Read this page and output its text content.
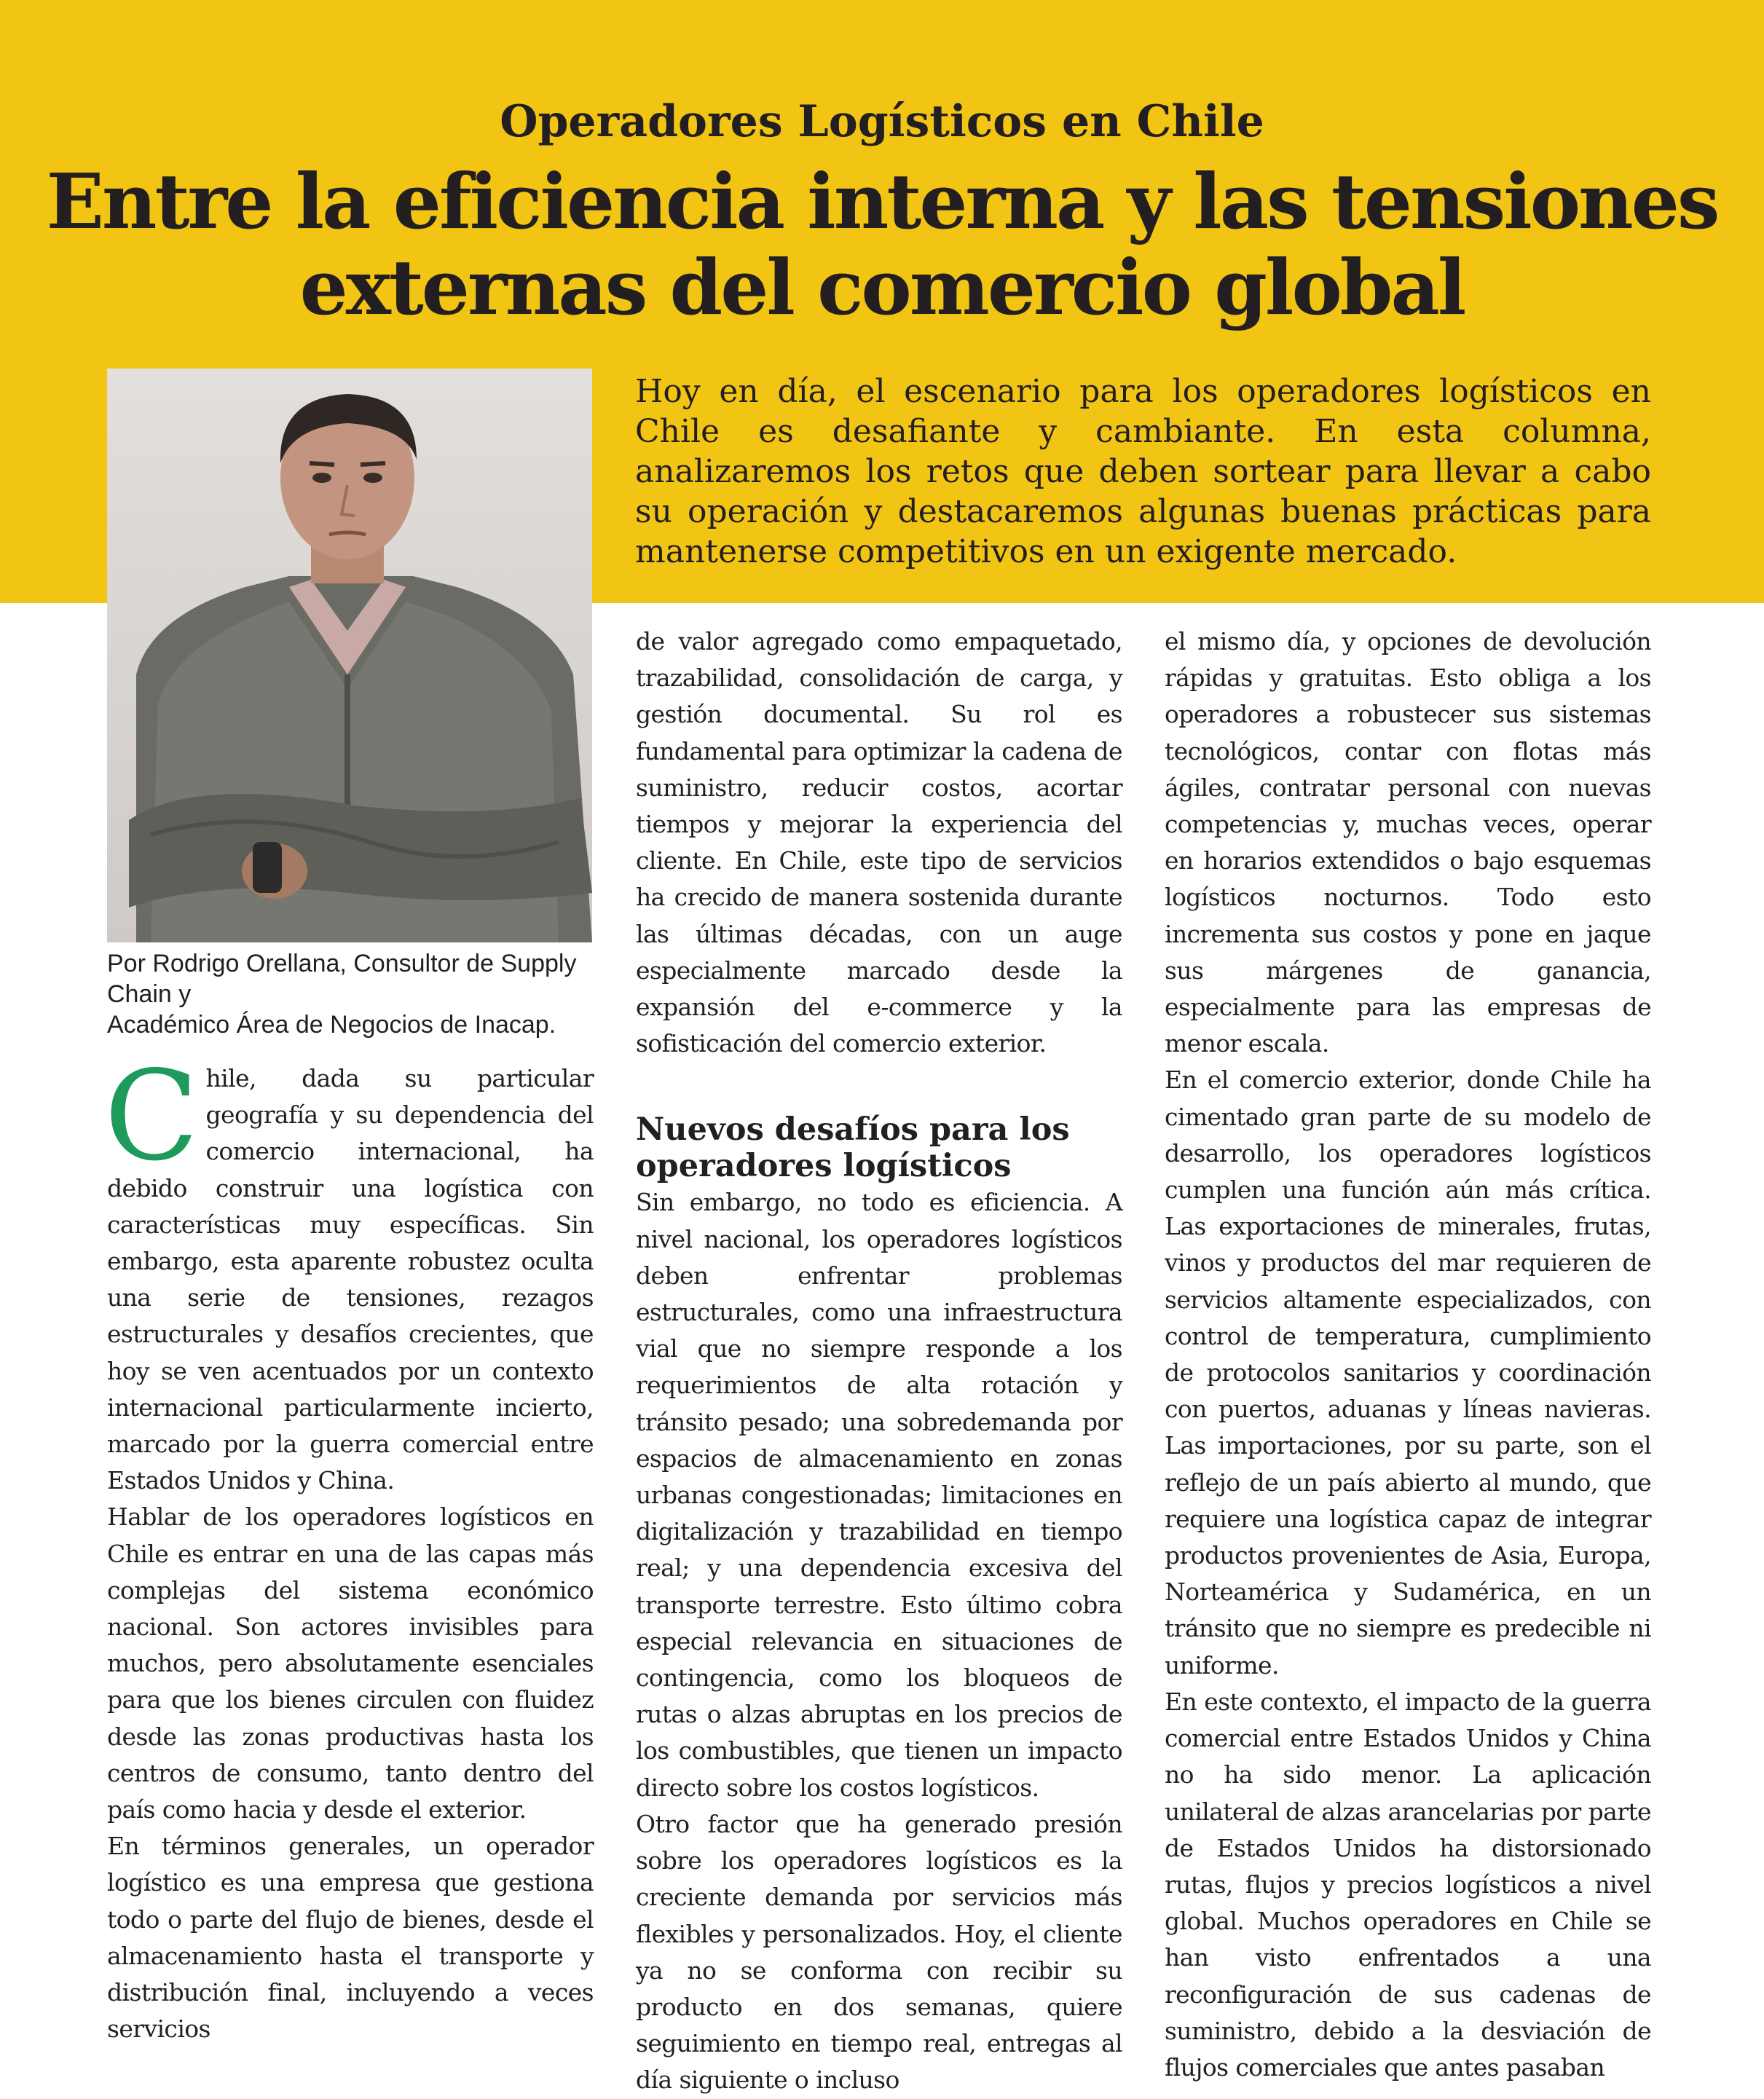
Operadores Logísticos en Chile
Entre la eficiencia interna y las tensiones
externas del comercio global
Por Rodrigo Orellana, Consultor de Supply Chain y
Académico Área de Negocios de Inacap.
Hoy en día, el escenario para los operadores logísticos en Chile es desafiante y cambiante. En esta columna, analizaremos los retos que deben sortear para llevar a cabo su operación y destacaremos algunas buenas prácticas para mantenerse competitivos en un exigente mercado.

Chile, dada su particular geografía y su dependencia del comercio internacional, ha debido construir una logística con características muy específicas. Sin embargo, esta aparente robustez oculta una serie de tensiones, rezagos estructurales y desafíos crecientes, que hoy se ven acentuados por un contexto internacional particularmente incierto, marcado por la guerra comercial entre Estados Unidos y China.

Hablar de los operadores logísticos en Chile es entrar en una de las capas más complejas del sistema económico nacional. Son actores invisibles para muchos, pero absolutamente esenciales para que los bienes circulen con fluidez desde las zonas productivas hasta los centros de consumo, tanto dentro del país como hacia y desde el exterior.

En términos generales, un operador logístico es una empresa que gestiona todo o parte del flujo de bienes, desde el almacenamiento hasta el transporte y distribución final, incluyendo a veces servicios

de valor agregado como empaquetado, trazabilidad, consolidación de carga, y gestión documental. Su rol es fundamental para optimizar la cadena de suministro, reducir costos, acortar tiempos y mejorar la experiencia del cliente. En Chile, este tipo de servicios ha crecido de manera sostenida durante las últimas décadas, con un auge especialmente marcado desde la expansión del e-commerce y la sofisticación del comercio exterior.

Nuevos desafíos para los operadores logísticos

Sin embargo, no todo es eficiencia. A nivel nacional, los operadores logísticos deben enfrentar problemas estructurales, como una infraestructura vial que no siempre responde a los requerimientos de alta rotación y tránsito pesado; una sobredemanda por espacios de almacenamiento en zonas urbanas congestionadas; limitaciones en digitalización y trazabilidad en tiempo real; y una dependencia excesiva del transporte terrestre. Esto último cobra especial relevancia en situaciones de contingencia, como los bloqueos de rutas o alzas abruptas en los precios de los combustibles, que tienen un impacto directo sobre los costos logísticos.

Otro factor que ha generado presión sobre los operadores logísticos es la creciente demanda por servicios más flexibles y personalizados. Hoy, el cliente ya no se conforma con recibir su producto en dos semanas, quiere seguimiento en tiempo real, entregas al día siguiente o incluso

el mismo día, y opciones de devolución rápidas y gratuitas. Esto obliga a los operadores a robustecer sus sistemas tecnológicos, contar con flotas más ágiles, contratar personal con nuevas competencias y, muchas veces, operar en horarios extendidos o bajo esquemas logísticos nocturnos. Todo esto incrementa sus costos y pone en jaque sus márgenes de ganancia, especialmente para las empresas de menor escala.

En el comercio exterior, donde Chile ha cimentado gran parte de su modelo de desarrollo, los operadores logísticos cumplen una función aún más crítica. Las exportaciones de minerales, frutas, vinos y productos del mar requieren de servicios altamente especializados, con control de temperatura, cumplimiento de protocolos sanitarios y coordinación con puertos, aduanas y líneas navieras. Las importaciones, por su parte, son el reflejo de un país abierto al mundo, que requiere una logística capaz de integrar productos provenientes de Asia, Europa, Norteamérica y Sudamérica, en un tránsito que no siempre es predecible ni uniforme.

En este contexto, el impacto de la guerra comercial entre Estados Unidos y China no ha sido menor. La aplicación unilateral de alzas arancelarias por parte de Estados Unidos ha distorsionado rutas, flujos y precios logísticos a nivel global. Muchos operadores en Chile se han visto enfrentados a una reconfiguración de sus cadenas de suministro, debido a la desviación de flujos comerciales que antes pasaban
